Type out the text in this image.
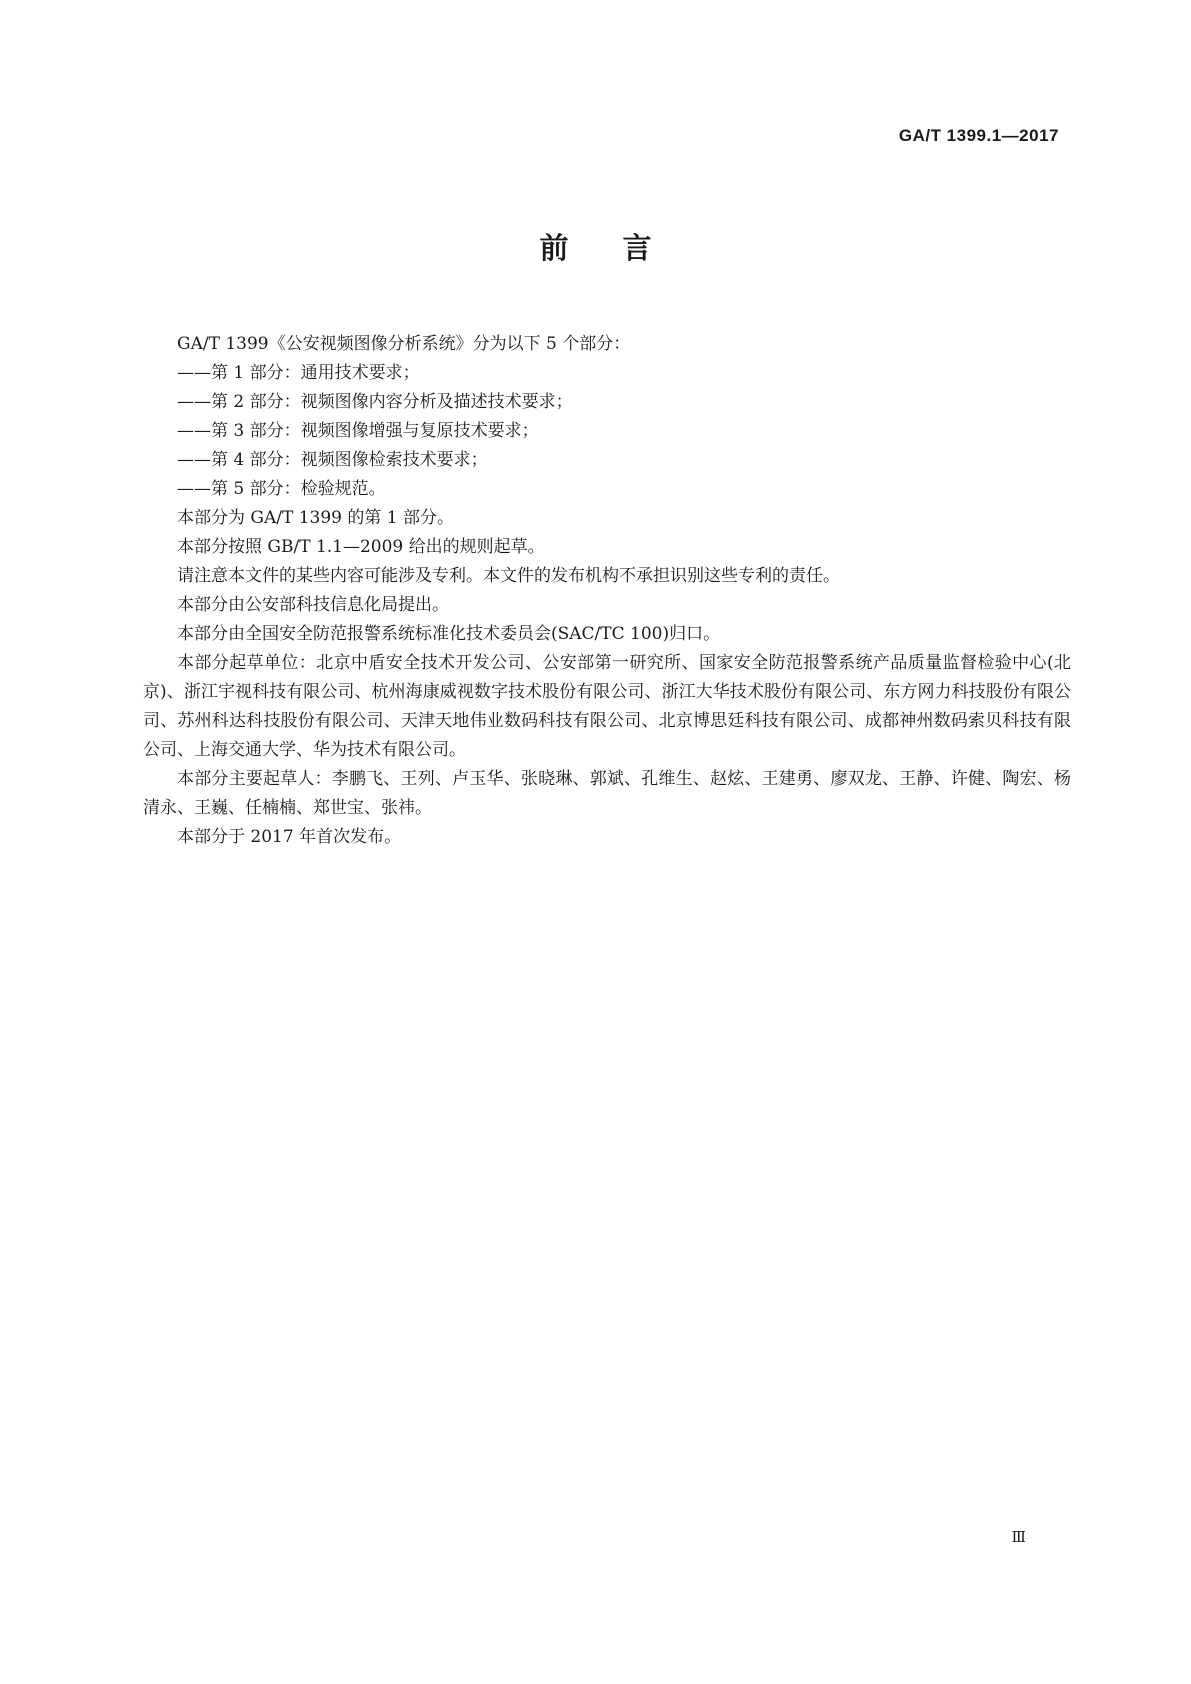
GA/T 1399.1—2017
前言

GA/T 1399《公安视频图像分析系统》分为以下 5 个部分：

——第 1 部分：通用技术要求；

——第 2 部分：视频图像内容分析及描述技术要求；

——第 3 部分：视频图像增强与复原技术要求；

——第 4 部分：视频图像检索技术要求；

——第 5 部分：检验规范。

本部分为 GA/T 1399 的第 1 部分。

本部分按照 GB/T 1.1—2009 给出的规则起草。

请注意本文件的某些内容可能涉及专利。本文件的发布机构不承担识别这些专利的责任。

本部分由公安部科技信息化局提出。

本部分由全国安全防范报警系统标准化技术委员会(SAC/TC 100)归口。

本部分起草单位：北京中盾安全技术开发公司、公安部第一研究所、国家安全防范报警系统产品质量监督检验中心(北京)、浙江宇视科技有限公司、杭州海康威视数字技术股份有限公司、浙江大华技术股份有限公司、东方网力科技股份有限公司、苏州科达科技股份有限公司、天津天地伟业数码科技有限公司、北京博思廷科技有限公司、成都神州数码索贝科技有限公司、上海交通大学、华为技术有限公司。

本部分主要起草人：李鹏飞、王列、卢玉华、张晓琳、郭斌、孔维生、赵炫、王建勇、廖双龙、王静、许健、陶宏、杨清永、王巍、任楠楠、郑世宝、张祎。

本部分于 2017 年首次发布。

Ⅲ
